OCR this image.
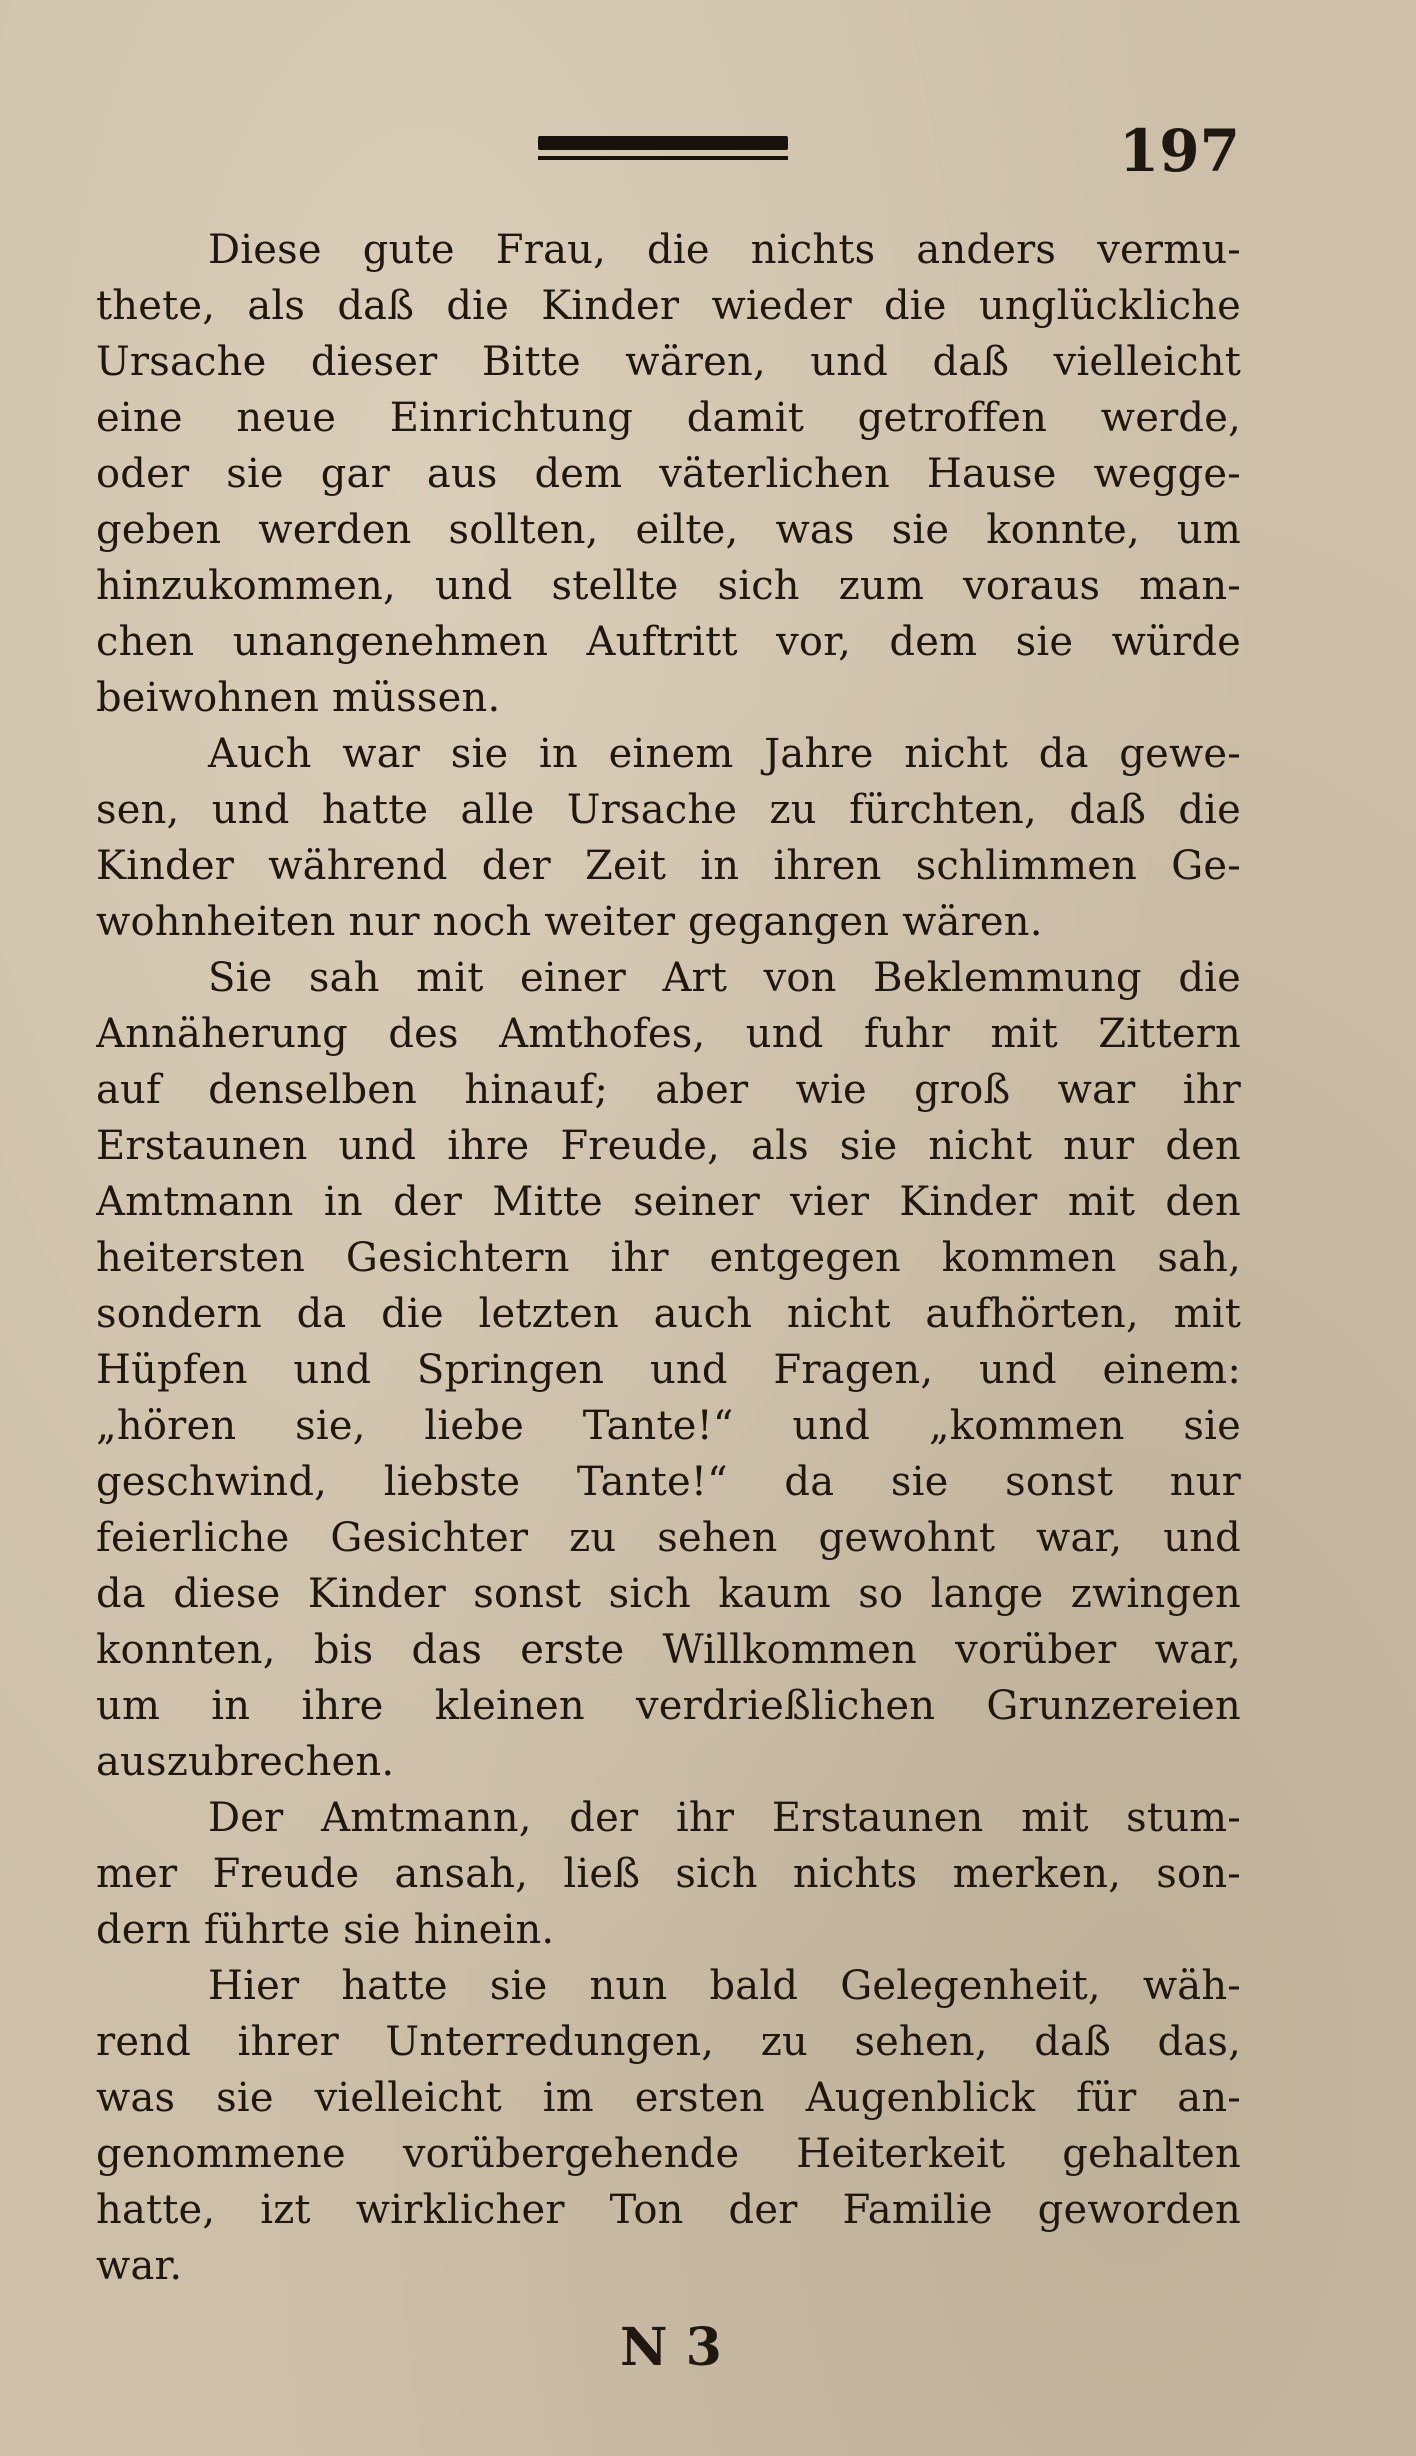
197
Diese gute Frau, die nichts anders vermu-
thete, als daß die Kinder wieder die unglückliche
Ursache dieser Bitte wären, und daß vielleicht
eine neue Einrichtung damit getroffen werde,
oder sie gar aus dem väterlichen Hause wegge-
geben werden sollten, eilte, was sie konnte, um
hinzukommen, und stellte sich zum voraus man-
chen unangenehmen Auftritt vor, dem sie würde
beiwohnen müssen.
Auch war sie in einem Jahre nicht da gewe-
sen, und hatte alle Ursache zu fürchten, daß die
Kinder während der Zeit in ihren schlimmen Ge-
wohnheiten nur noch weiter gegangen wären.
Sie sah mit einer Art von Beklemmung die
Annäherung des Amthofes, und fuhr mit Zittern
auf denselben hinauf; aber wie groß war ihr
Erstaunen und ihre Freude, als sie nicht nur den
Amtmann in der Mitte seiner vier Kinder mit den
heitersten Gesichtern ihr entgegen kommen sah,
sondern da die letzten auch nicht aufhörten, mit
Hüpfen und Springen und Fragen, und einem:
„hören sie, liebe Tante!“ und „kommen sie
geschwind, liebste Tante!“ da sie sonst nur
feierliche Gesichter zu sehen gewohnt war, und
da diese Kinder sonst sich kaum so lange zwingen
konnten, bis das erste Willkommen vorüber war,
um in ihre kleinen verdrießlichen Grunzereien
auszubrechen.
Der Amtmann, der ihr Erstaunen mit stum-
mer Freude ansah, ließ sich nichts merken, son-
dern führte sie hinein.
Hier hatte sie nun bald Gelegenheit, wäh-
rend ihrer Unterredungen, zu sehen, daß das,
was sie vielleicht im ersten Augenblick für an-
genommene vorübergehende Heiterkeit gehalten
hatte, izt wirklicher Ton der Familie geworden
war.
N 3
